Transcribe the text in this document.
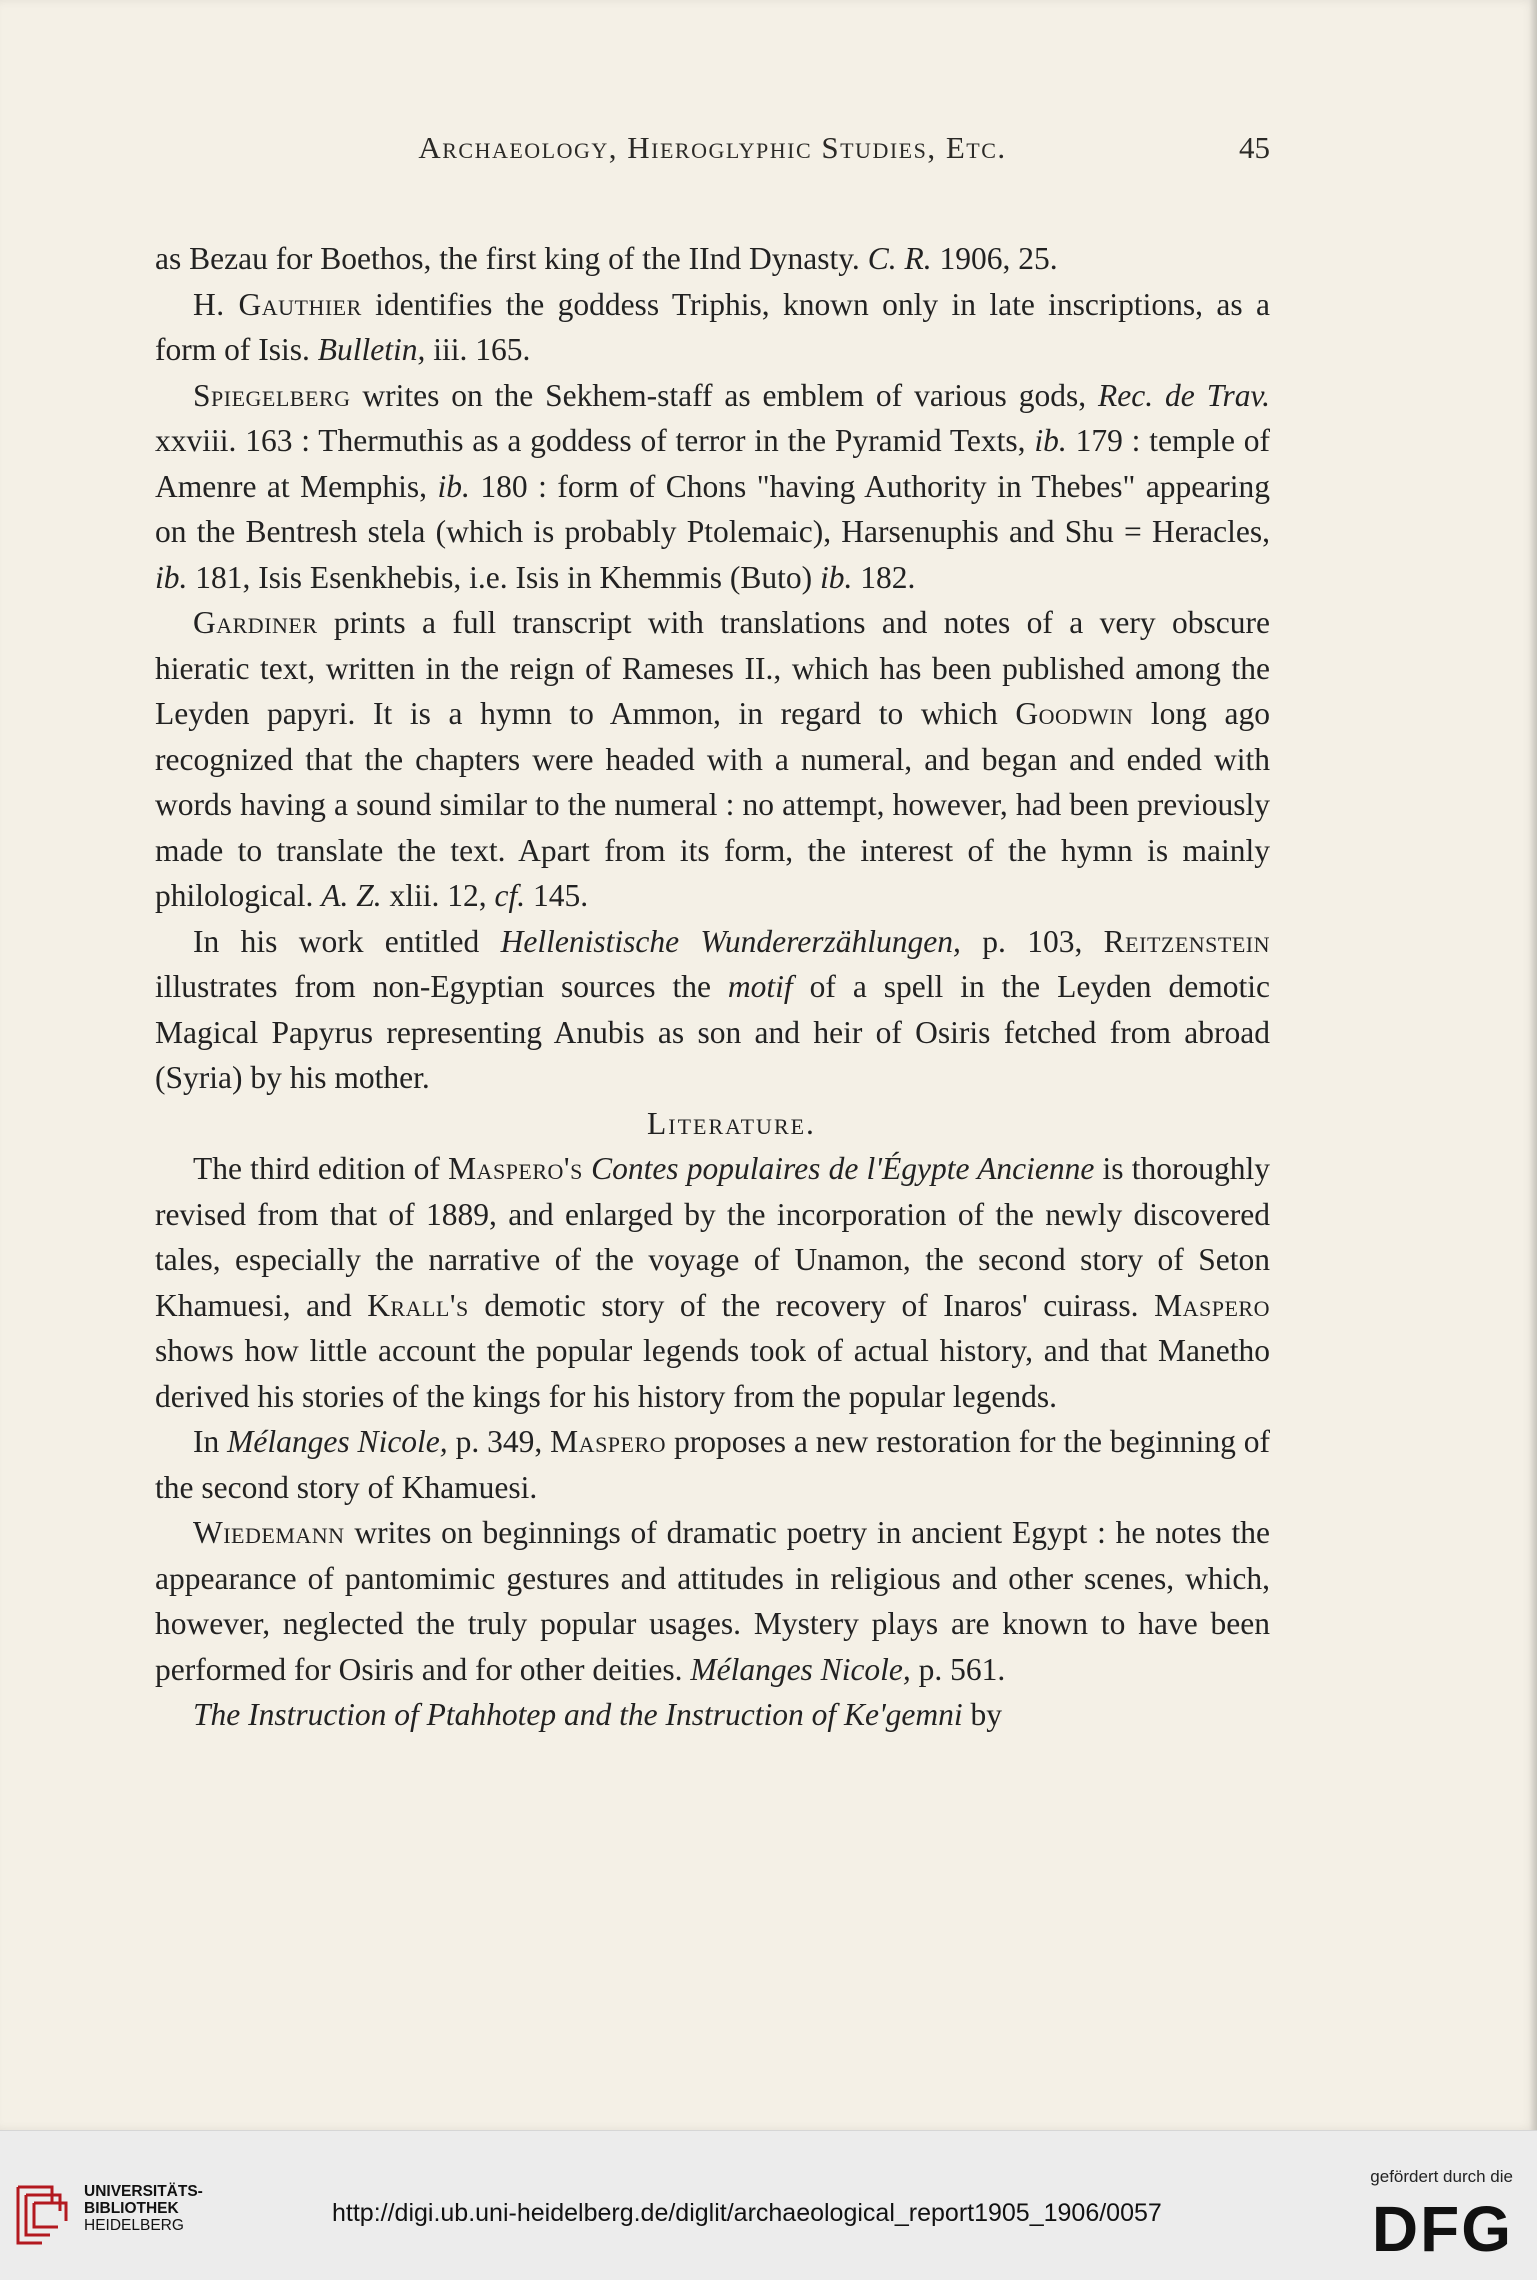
Archaeology, Hieroglyphic Studies, Etc.	45

as Bezau for Boethos, the first king of the IInd Dynasty. C. R. 1906, 25.

H. Gauthier identifies the goddess Triphis, known only in late inscriptions, as a form of Isis. Bulletin, iii. 165.

Spiegelberg writes on the Sekhem-staff as emblem of various gods, Rec. de Trav. xxviii. 163 : Thermuthis as a goddess of terror in the Pyramid Texts, ib. 179 : temple of Amenre at Memphis, ib. 180 : form of Chons "having Authority in Thebes" appearing on the Bentresh stela (which is probably Ptolemaic), Harsenuphis and Shu = Heracles, ib. 181, Isis Esenkhebis, i.e. Isis in Khemmis (Buto) ib. 182.

Gardiner prints a full transcript with translations and notes of a very obscure hieratic text, written in the reign of Rameses II., which has been published among the Leyden papyri. It is a hymn to Ammon, in regard to which Goodwin long ago recognized that the chapters were headed with a numeral, and began and ended with words having a sound similar to the numeral : no attempt, however, had been previously made to translate the text. Apart from its form, the interest of the hymn is mainly philological. A. Z. xlii. 12, cf. 145.

In his work entitled Hellenistische Wundererzählungen, p. 103, Reitzenstein illustrates from non-Egyptian sources the motif of a spell in the Leyden demotic Magical Papyrus representing Anubis as son and heir of Osiris fetched from abroad (Syria) by his mother.

Literature.

The third edition of Maspero's Contes populaires de l'Égypte Ancienne is thoroughly revised from that of 1889, and enlarged by the incorporation of the newly discovered tales, especially the narrative of the voyage of Unamon, the second story of Seton Khamuesi, and Krall's demotic story of the recovery of Inaros' cuirass. Maspero shows how little account the popular legends took of actual history, and that Manetho derived his stories of the kings for his history from the popular legends.

In Mélanges Nicole, p. 349, Maspero proposes a new restoration for the beginning of the second story of Khamuesi.

Wiedemann writes on beginnings of dramatic poetry in ancient Egypt : he notes the appearance of pantomimic gestures and attitudes in religious and other scenes, which, however, neglected the truly popular usages. Mystery plays are known to have been performed for Osiris and for other deities. Mélanges Nicole, p. 561.

The Instruction of Ptahhotep and the Instruction of Ke'gemni by

UNIVERSITÄTS-
BIBLIOTHEK
HEIDELBERG	http://digi.ub.uni-heidelberg.de/diglit/archaeological_report1905_1906/0057
gefördert durch die
DFG
